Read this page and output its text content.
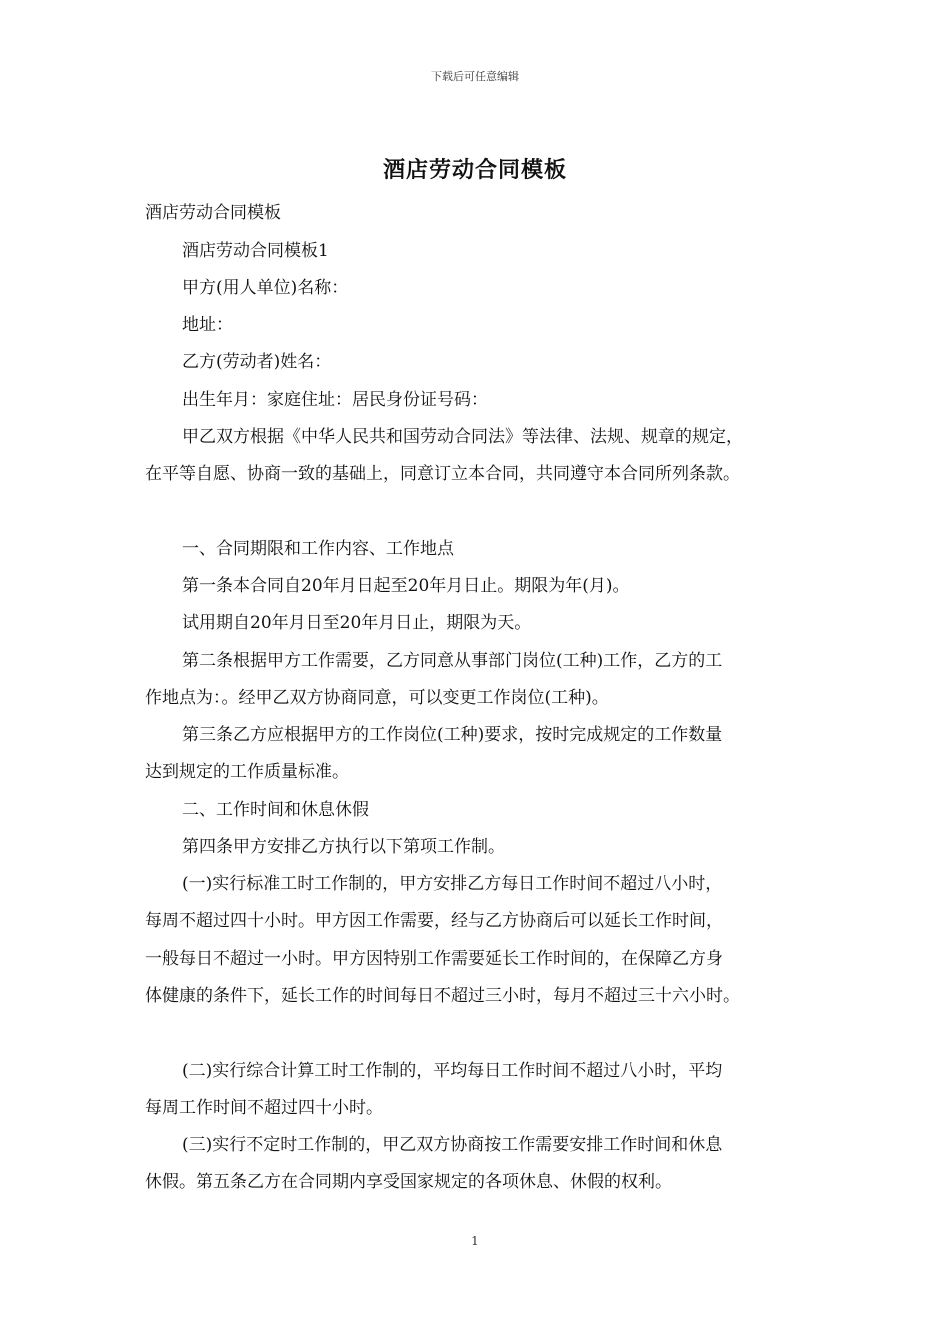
下载后可任意编辑
酒店劳动合同模板
酒店劳动合同模板
酒店劳动合同模板1
甲方(用人单位)名称：
地址：
乙方(劳动者)姓名：
出生年月：家庭住址：居民身份证号码：
甲乙双方根据《中华人民共和国劳动合同法》等法律、法规、规章的规定，
在平等自愿、协商一致的基础上，同意订立本合同，共同遵守本合同所列条款。
一、合同期限和工作内容、工作地点
第一条本合同自20年月日起至20年月日止。期限为年(月)。
试用期自20年月日至20年月日止，期限为天。
第二条根据甲方工作需要，乙方同意从事部门岗位(工种)工作，乙方的工
作地点为：。经甲乙双方协商同意，可以变更工作岗位(工种)。
第三条乙方应根据甲方的工作岗位(工种)要求，按时完成规定的工作数量
达到规定的工作质量标准。
二、工作时间和休息休假
第四条甲方安排乙方执行以下第项工作制。
(一)实行标准工时工作制的，甲方安排乙方每日工作时间不超过八小时，
每周不超过四十小时。甲方因工作需要，经与乙方协商后可以延长工作时间，
一般每日不超过一小时。甲方因特别工作需要延长工作时间的，在保障乙方身
体健康的条件下，延长工作的时间每日不超过三小时，每月不超过三十六小时。
(二)实行综合计算工时工作制的，平均每日工作时间不超过八小时，平均
每周工作时间不超过四十小时。
(三)实行不定时工作制的，甲乙双方协商按工作需要安排工作时间和休息
休假。第五条乙方在合同期内享受国家规定的各项休息、休假的权利。
1
